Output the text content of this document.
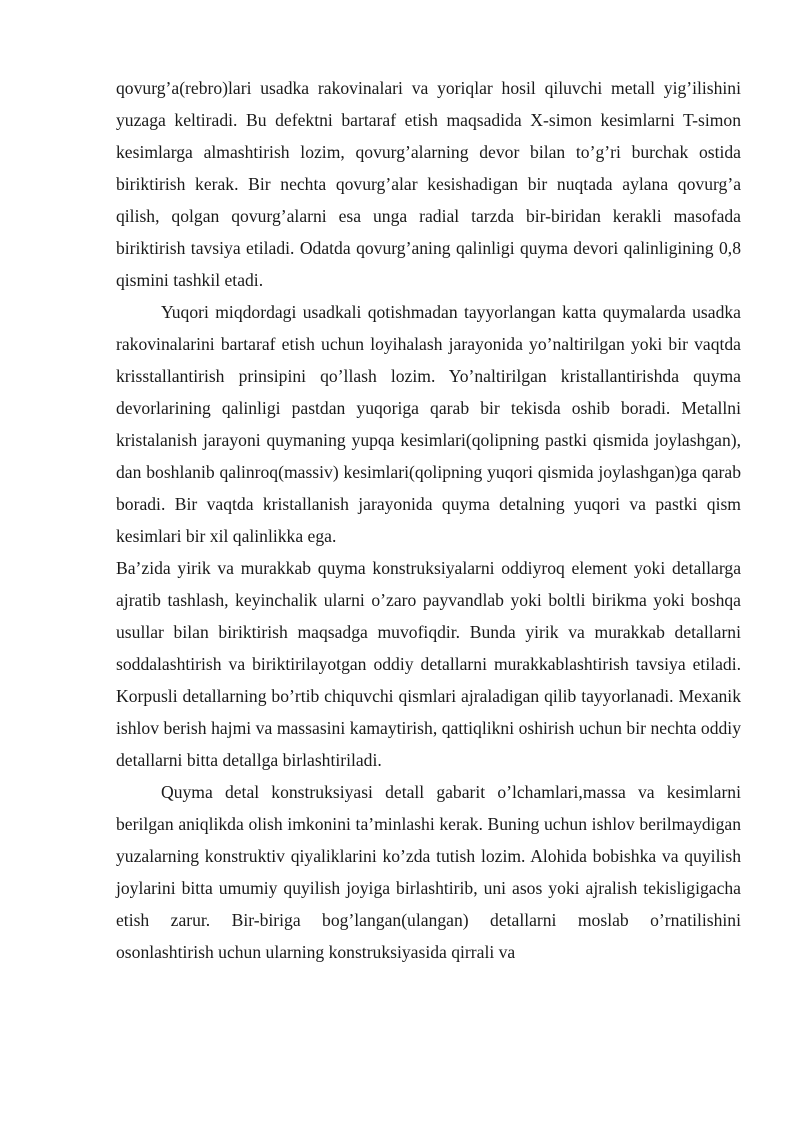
qovurg’a(rebro)lari usadka rakovinalari va yoriqlar hosil qiluvchi metall yig’ilishini yuzaga keltiradi. Bu defektni bartaraf etish maqsadida X-simon kesimlarni T-simon kesimlarga almashtirish lozim, qovurg’alarning devor bilan to’g’ri burchak ostida biriktirish kerak. Bir nechta qovurg’alar kesishadigan bir nuqtada aylana qovurg’a qilish, qolgan qovurg’alarni esa unga radial tarzda bir-biridan kerakli masofada biriktirish tavsiya etiladi. Odatda qovurg’aning qalinligi quyma devori qalinligining 0,8 qismini tashkil etadi.

Yuqori miqdordagi usadkali qotishmadan tayyorlangan katta quymalarda usadka rakovinalarini bartaraf etish uchun loyihalash jarayonida yo’naltirilgan yoki bir vaqtda krisstallantirish prinsipini qo’llash lozim. Yo’naltirilgan kristallantirishda quyma devorlarining qalinligi pastdan yuqoriga qarab bir tekisda oshib boradi. Metallni kristalanish jarayoni quymaning yupqa kesimlari(qolipning pastki qismida joylashgan), dan boshlanib qalinroq(massiv) kesimlari(qolipning yuqori qismida joylashgan)ga qarab boradi. Bir vaqtda kristallanish jarayonida quyma detalning yuqori va pastki qism kesimlari bir xil qalinlikka ega.

Ba’zida yirik va murakkab quyma konstruksiyalarni oddiyroq element yoki detallarga ajratib tashlash, keyinchalik ularni o’zaro payvandlab yoki boltli birikma yoki boshqa usullar bilan biriktirish maqsadga muvofiqdir. Bunda yirik va murakkab detallarni soddalashtirish va biriktirilayotgan oddiy detallarni murakkablashtirish tavsiya etiladi. Korpusli detallarning bo’rtib chiquvchi qismlari ajraladigan qilib tayyorlanadi. Mexanik ishlov berish hajmi va massasini kamaytirish, qattiqlikni oshirish uchun bir nechta oddiy detallarni bitta detallga birlashtiriladi.

Quyma detal konstruksiyasi detall gabarit o’lchamlari,massa va kesimlarni berilgan aniqlikda olish imkonini ta’minlashi kerak. Buning uchun ishlov berilmaydigan yuzalarning konstruktiv qiyaliklarini ko’zda tutish lozim. Alohida bobishka va quyilish joylarini bitta umumiy quyilish joyiga birlashtirib, uni asos yoki ajralish tekisligigacha etish zarur. Bir-biriga bog’langan(ulangan) detallarni moslab o’rnatilishini osonlashtirish uchun ularning konstruksiyasida qirrali va
